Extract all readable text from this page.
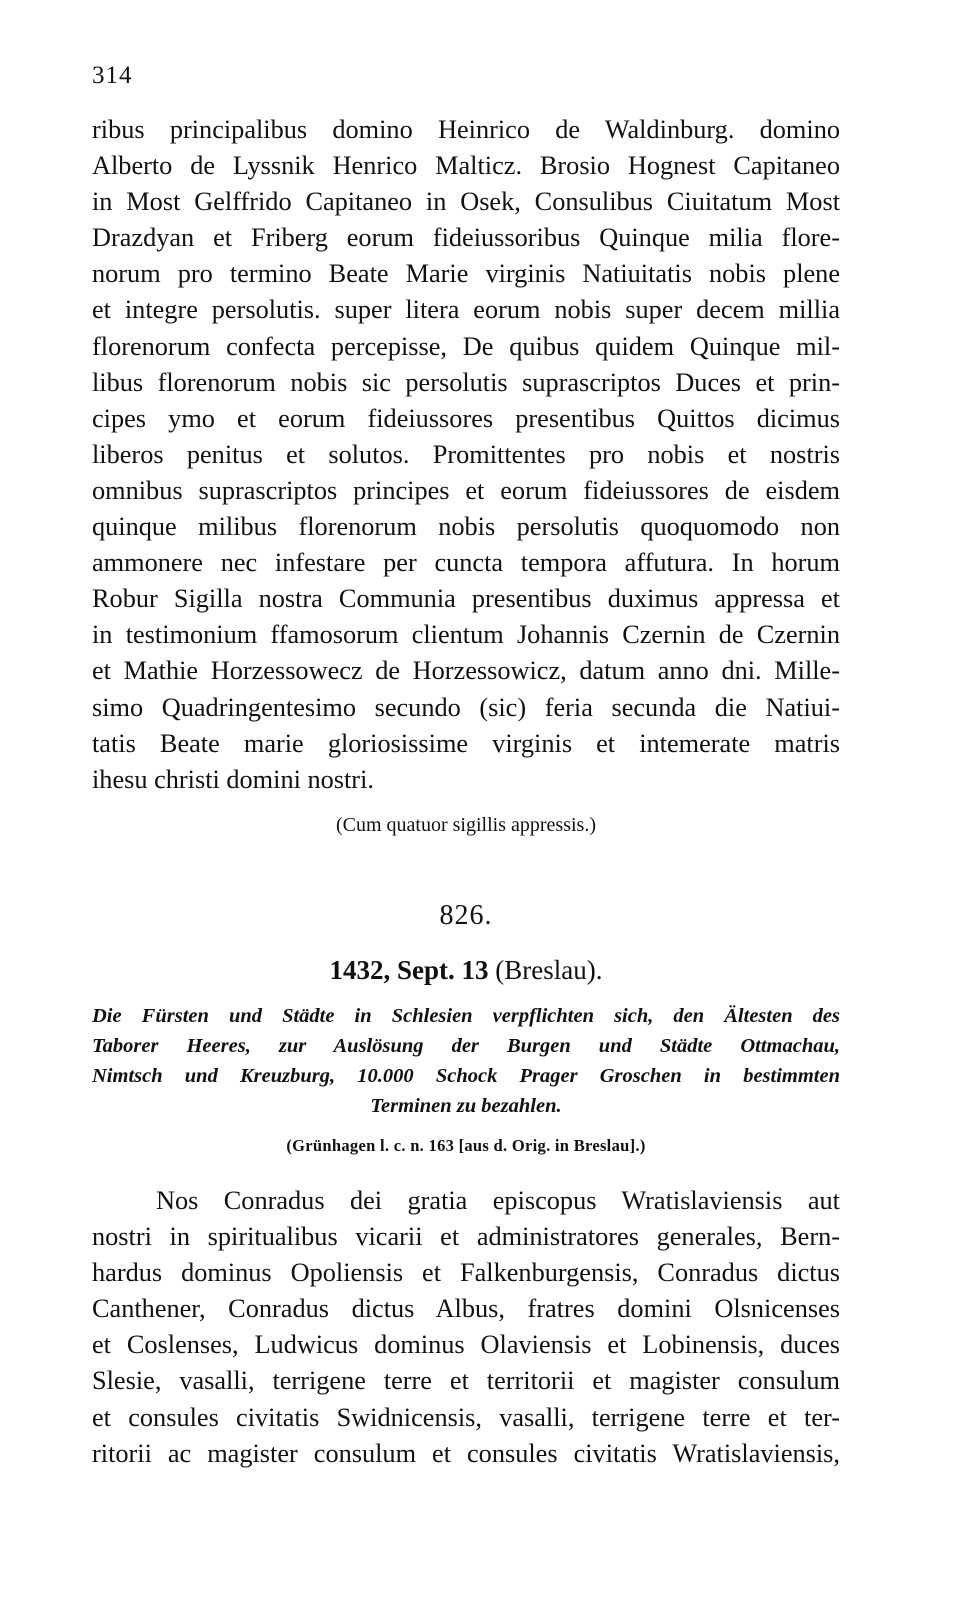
314
ribus principalibus domino Heinrico de Waldinburg. domino
Alberto de Lyssnik Henrico Malticz. Brosio Hognest Capitaneo
in Most Gelffrido Capitaneo in Osek, Consulibus Ciuitatum Most
Drazdyan et Friberg eorum fideiussoribus Quinque milia flore-
norum pro termino Beate Marie virginis Natiuitatis nobis plene
et integre persolutis. super litera eorum nobis super decem millia
florenorum confecta percepisse, De quibus quidem Quinque mil-
libus florenorum nobis sic persolutis suprascriptos Duces et prin-
cipes ymo et eorum fideiussores presentibus Quittos dicimus
liberos penitus et solutos. Promittentes pro nobis et nostris
omnibus suprascriptos principes et eorum fideiussores de eisdem
quinque milibus florenorum nobis persolutis quoquomodo non
ammonere nec infestare per cuncta tempora affutura. In horum
Robur Sigilla nostra Communia presentibus duximus appressa et
in testimonium ffamosorum clientum Johannis Czernin de Czernin
et Mathie Horzessowecz de Horzessowicz, datum anno dni. Mille-
simo Quadringentesimo secundo (sic) feria secunda die Natiui-
tatis Beate marie gloriosissime virginis et intemerate matris
ihesu christi domini nostri.
(Cum quatuor sigillis appressis.)
826.
1432, Sept. 13 (Breslau).
Die Fürsten und Städte in Schlesien verpflichten sich, den Ältesten des
Taborer Heeres, zur Auslösung der Burgen und Städte Ottmachau,
Nimtsch und Kreuzburg, 10.000 Schock Prager Groschen in bestimmten
Terminen zu bezahlen.
(Grünhagen l. c. n. 163 [aus d. Orig. in Breslau].)
Nos Conradus dei gratia episcopus Wratislaviensis aut
nostri in spiritualibus vicarii et administratores generales, Bern-
hardus dominus Opoliensis et Falkenburgensis, Conradus dictus
Canthener, Conradus dictus Albus, fratres domini Olsnicenses
et Coslenses, Ludwicus dominus Olaviensis et Lobinensis, duces
Slesie, vasalli, terrigene terre et territorii et magister consulum
et consules civitatis Swidnicensis, vasalli, terrigene terre et ter-
ritorii ac magister consulum et consules civitatis Wratislaviensis,
